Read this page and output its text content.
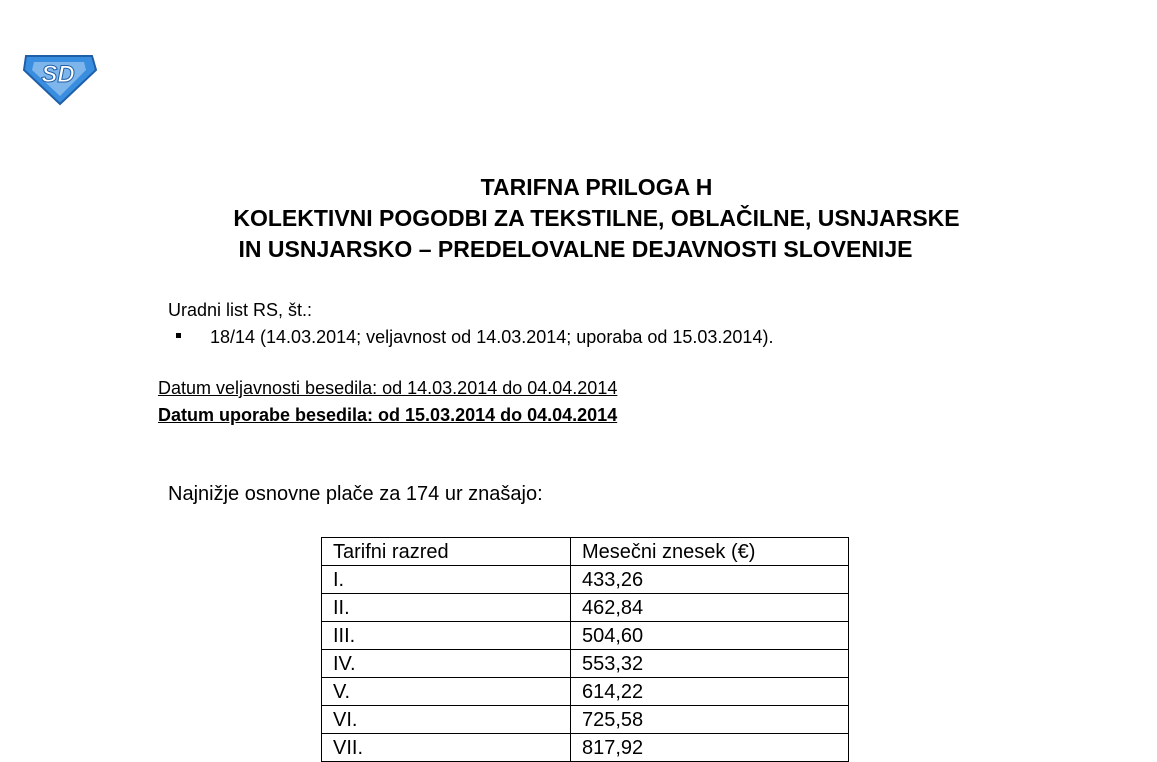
SD
TARIFNA PRILOGA H
KOLEKTIVNI POGODBI ZA TEKSTILNE, OBLAČILNE, USNJARSKE
IN USNJARSKO – PREDELOVALNE DEJAVNOSTI SLOVENIJE
Uradni list RS, št.:
18/14 (14.03.2014; veljavnost od 14.03.2014; uporaba od 15.03.2014).
Datum veljavnosti besedila: od 14.03.2014 do 04.04.2014
Datum uporabe besedila: od 15.03.2014 do 04.04.2014
Najnižje osnovne plače za 174 ur znašajo:
Tarifni razred	Mesečni znesek (€)
I.	433,26
II.	462,84
III.	504,60
IV.	553,32
V.	614,22
VI.	725,58
VII.	817,92
